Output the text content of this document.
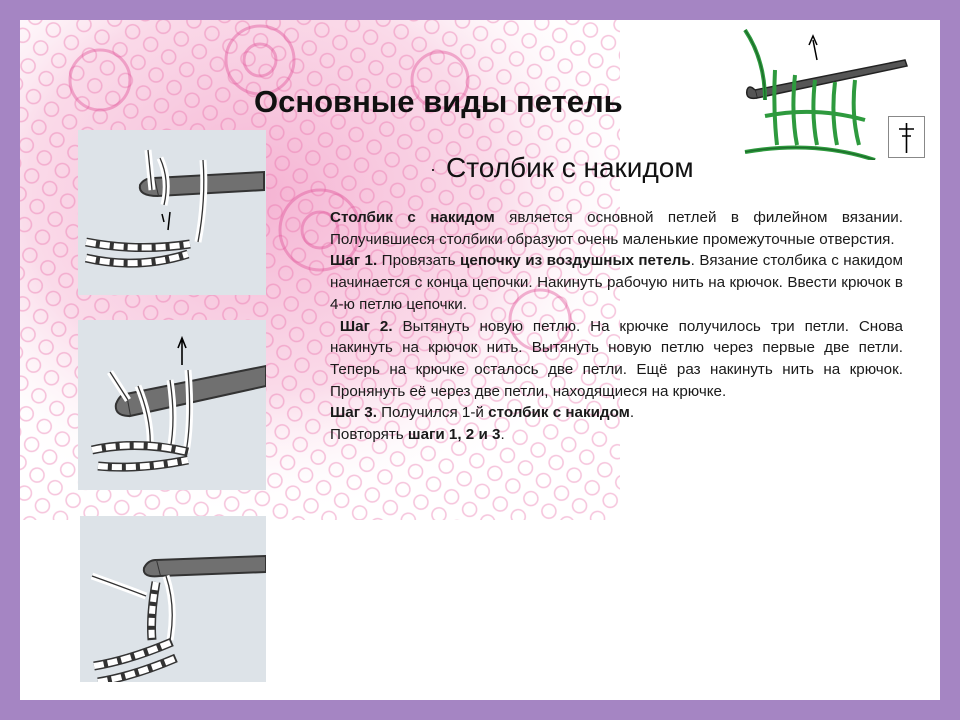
Основные виды петель
· Столбик с накидом

Столбик с накидом является основной петлей в филейном вязании. Получившиеся столбики образуют очень маленькие промежуточные отверстия.

Шаг 1. Провязать цепочку из воздушных петель. Вязание столбика с накидом начинается с конца цепочки. Накинуть рабочую нить на крючок. Ввести крючок в 4-ю петлю цепочки.

Шаг 2. Вытянуть новую петлю. На крючке получилось три петли. Снова накинуть на крючок нить. Вытянуть новую петлю через первые две петли. Теперь на крючке осталось две петли. Ещё раз накинуть нить на крючок. Пронянуть её через две петли, находящиеся на крючке.

Шаг 3. Получился 1-й столбик с накидом.

Повторять шаги 1, 2 и 3.
